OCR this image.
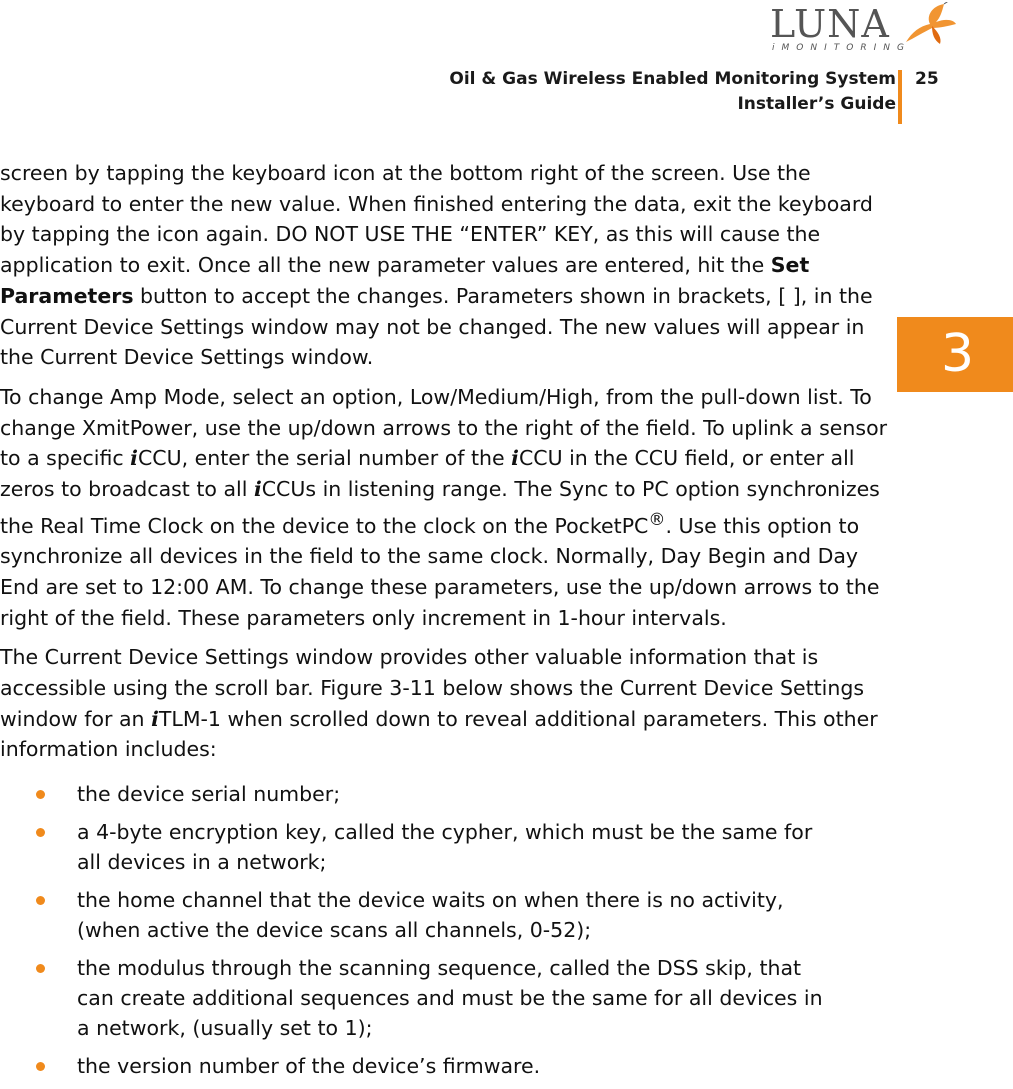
LUNA
iMONITORING
Oil & Gas Wireless Enabled Monitoring System
Installer’s Guide
25
3

screen by tapping the keyboard icon at the bottom right of the screen. Use the keyboard to enter the new value. When finished entering the data, exit the keyboard by tapping the icon again. DO NOT USE THE “ENTER” KEY, as this will cause the application to exit. Once all the new parameter values are entered, hit the Set Parameters button to accept the changes. Parameters shown in brackets, [ ], in the Current Device Settings window may not be changed. The new values will appear in the Current Device Settings window.

To change Amp Mode, select an option, Low/Medium/High, from the pull-down list. To change XmitPower, use the up/down arrows to the right of the field. To uplink a sensor to a specific iCCU, enter the serial number of the iCCU in the CCU field, or enter all zeros to broadcast to all iCCUs in listening range. The Sync to PC option synchronizes the Real Time Clock on the device to the clock on the PocketPC®. Use this option to synchronize all devices in the field to the same clock. Normally, Day Begin and Day End are set to 12:00 AM. To change these parameters, use the up/down arrows to the right of the field. These parameters only increment in 1-hour intervals.

The Current Device Settings window provides other valuable information that is accessible using the scroll bar. Figure 3-11 below shows the Current Device Settings window for an iTLM-1 when scrolled down to reveal additional parameters. This other information includes:

the device serial number;
a 4-byte encryption key, called the cypher, which must be the same for all devices in a network;
the home channel that the device waits on when there is no activity, (when active the device scans all channels, 0-52);
the modulus through the scanning sequence, called the DSS skip, that can create additional sequences and must be the same for all devices in a network, (usually set to 1);
the version number of the device’s firmware.
